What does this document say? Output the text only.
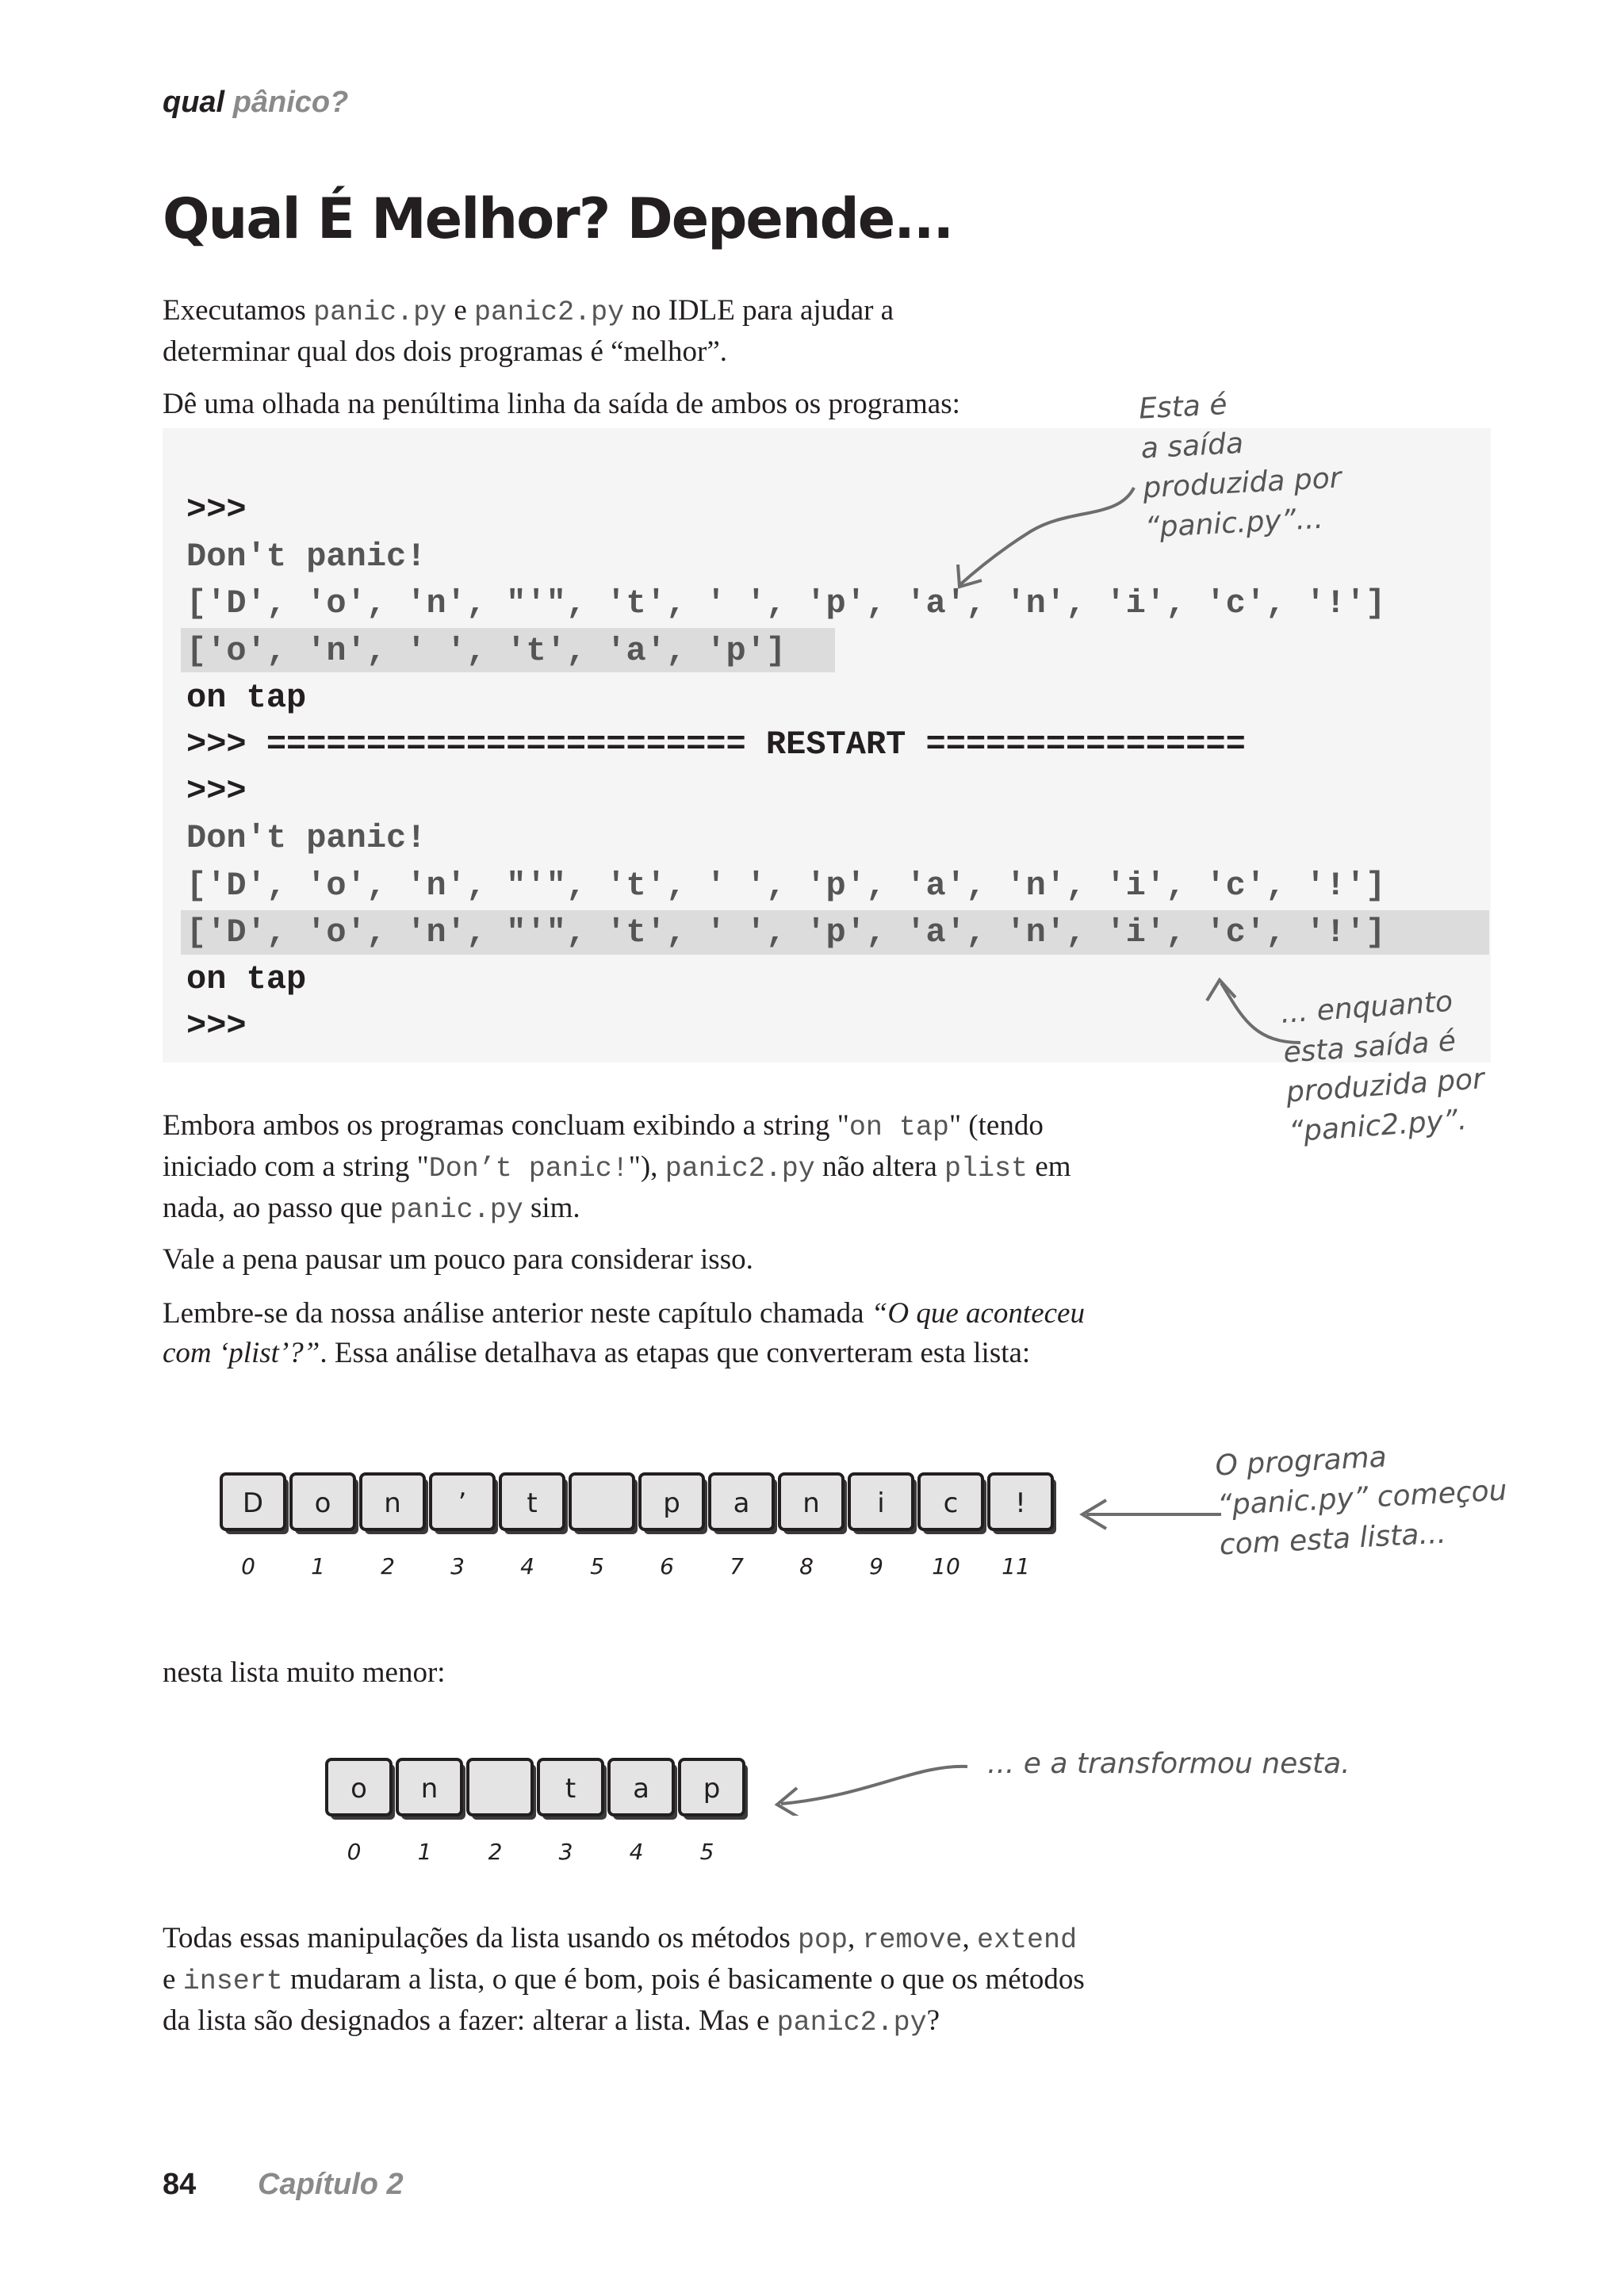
qual pânico?
Qual É Melhor? Depende...
Executamos panic.py e panic2.py no IDLE para ajudar a
determinar qual dos dois programas é “melhor”.
Dê uma olhada na penúltima linha da saída de ambos os programas:
>>>
Don't panic!
['D', 'o', 'n', "'", 't', ' ', 'p', 'a', 'n', 'i', 'c', '!']
['o', 'n', ' ', 't', 'a', 'p']
on tap
>>> ======================== RESTART ================
>>>
Don't panic!
['D', 'o', 'n', "'", 't', ' ', 'p', 'a', 'n', 'i', 'c', '!']
['D', 'o', 'n', "'", 't', ' ', 'p', 'a', 'n', 'i', 'c', '!']
on tap
>>>
Esta é
a saída
produzida por
“panic.py”...
... enquanto
esta saída é
produzida por
“panic2.py”.
Embora ambos os programas concluam exibindo a string "on tap" (tendo
iniciado com a string "Don’t panic!"), panic2.py não altera plist em
nada, ao passo que panic.py sim.
Vale a pena pausar um pouco para considerar isso.
Lembre-se da nossa análise anterior neste capítulo chamada “O que aconteceu
com ‘plist’?”. Essa análise detalhava as etapas que converteram esta lista:
D
0
o
1
n
2
’
3
t
4	5
p
6
a
7
n
8
i
9
c
10
!
11
O programa
“panic.py” começou
com esta lista...
nesta lista muito menor:
o
0
n
1	2
t
3
a
4
p
5
... e a transformou nesta.
Todas essas manipulações da lista usando os métodos pop, remove, extend
e insert mudaram a lista, o que é bom, pois é basicamente o que os métodos
da lista são designados a fazer: alterar a lista. Mas e panic2.py?
84 Capítulo 2
